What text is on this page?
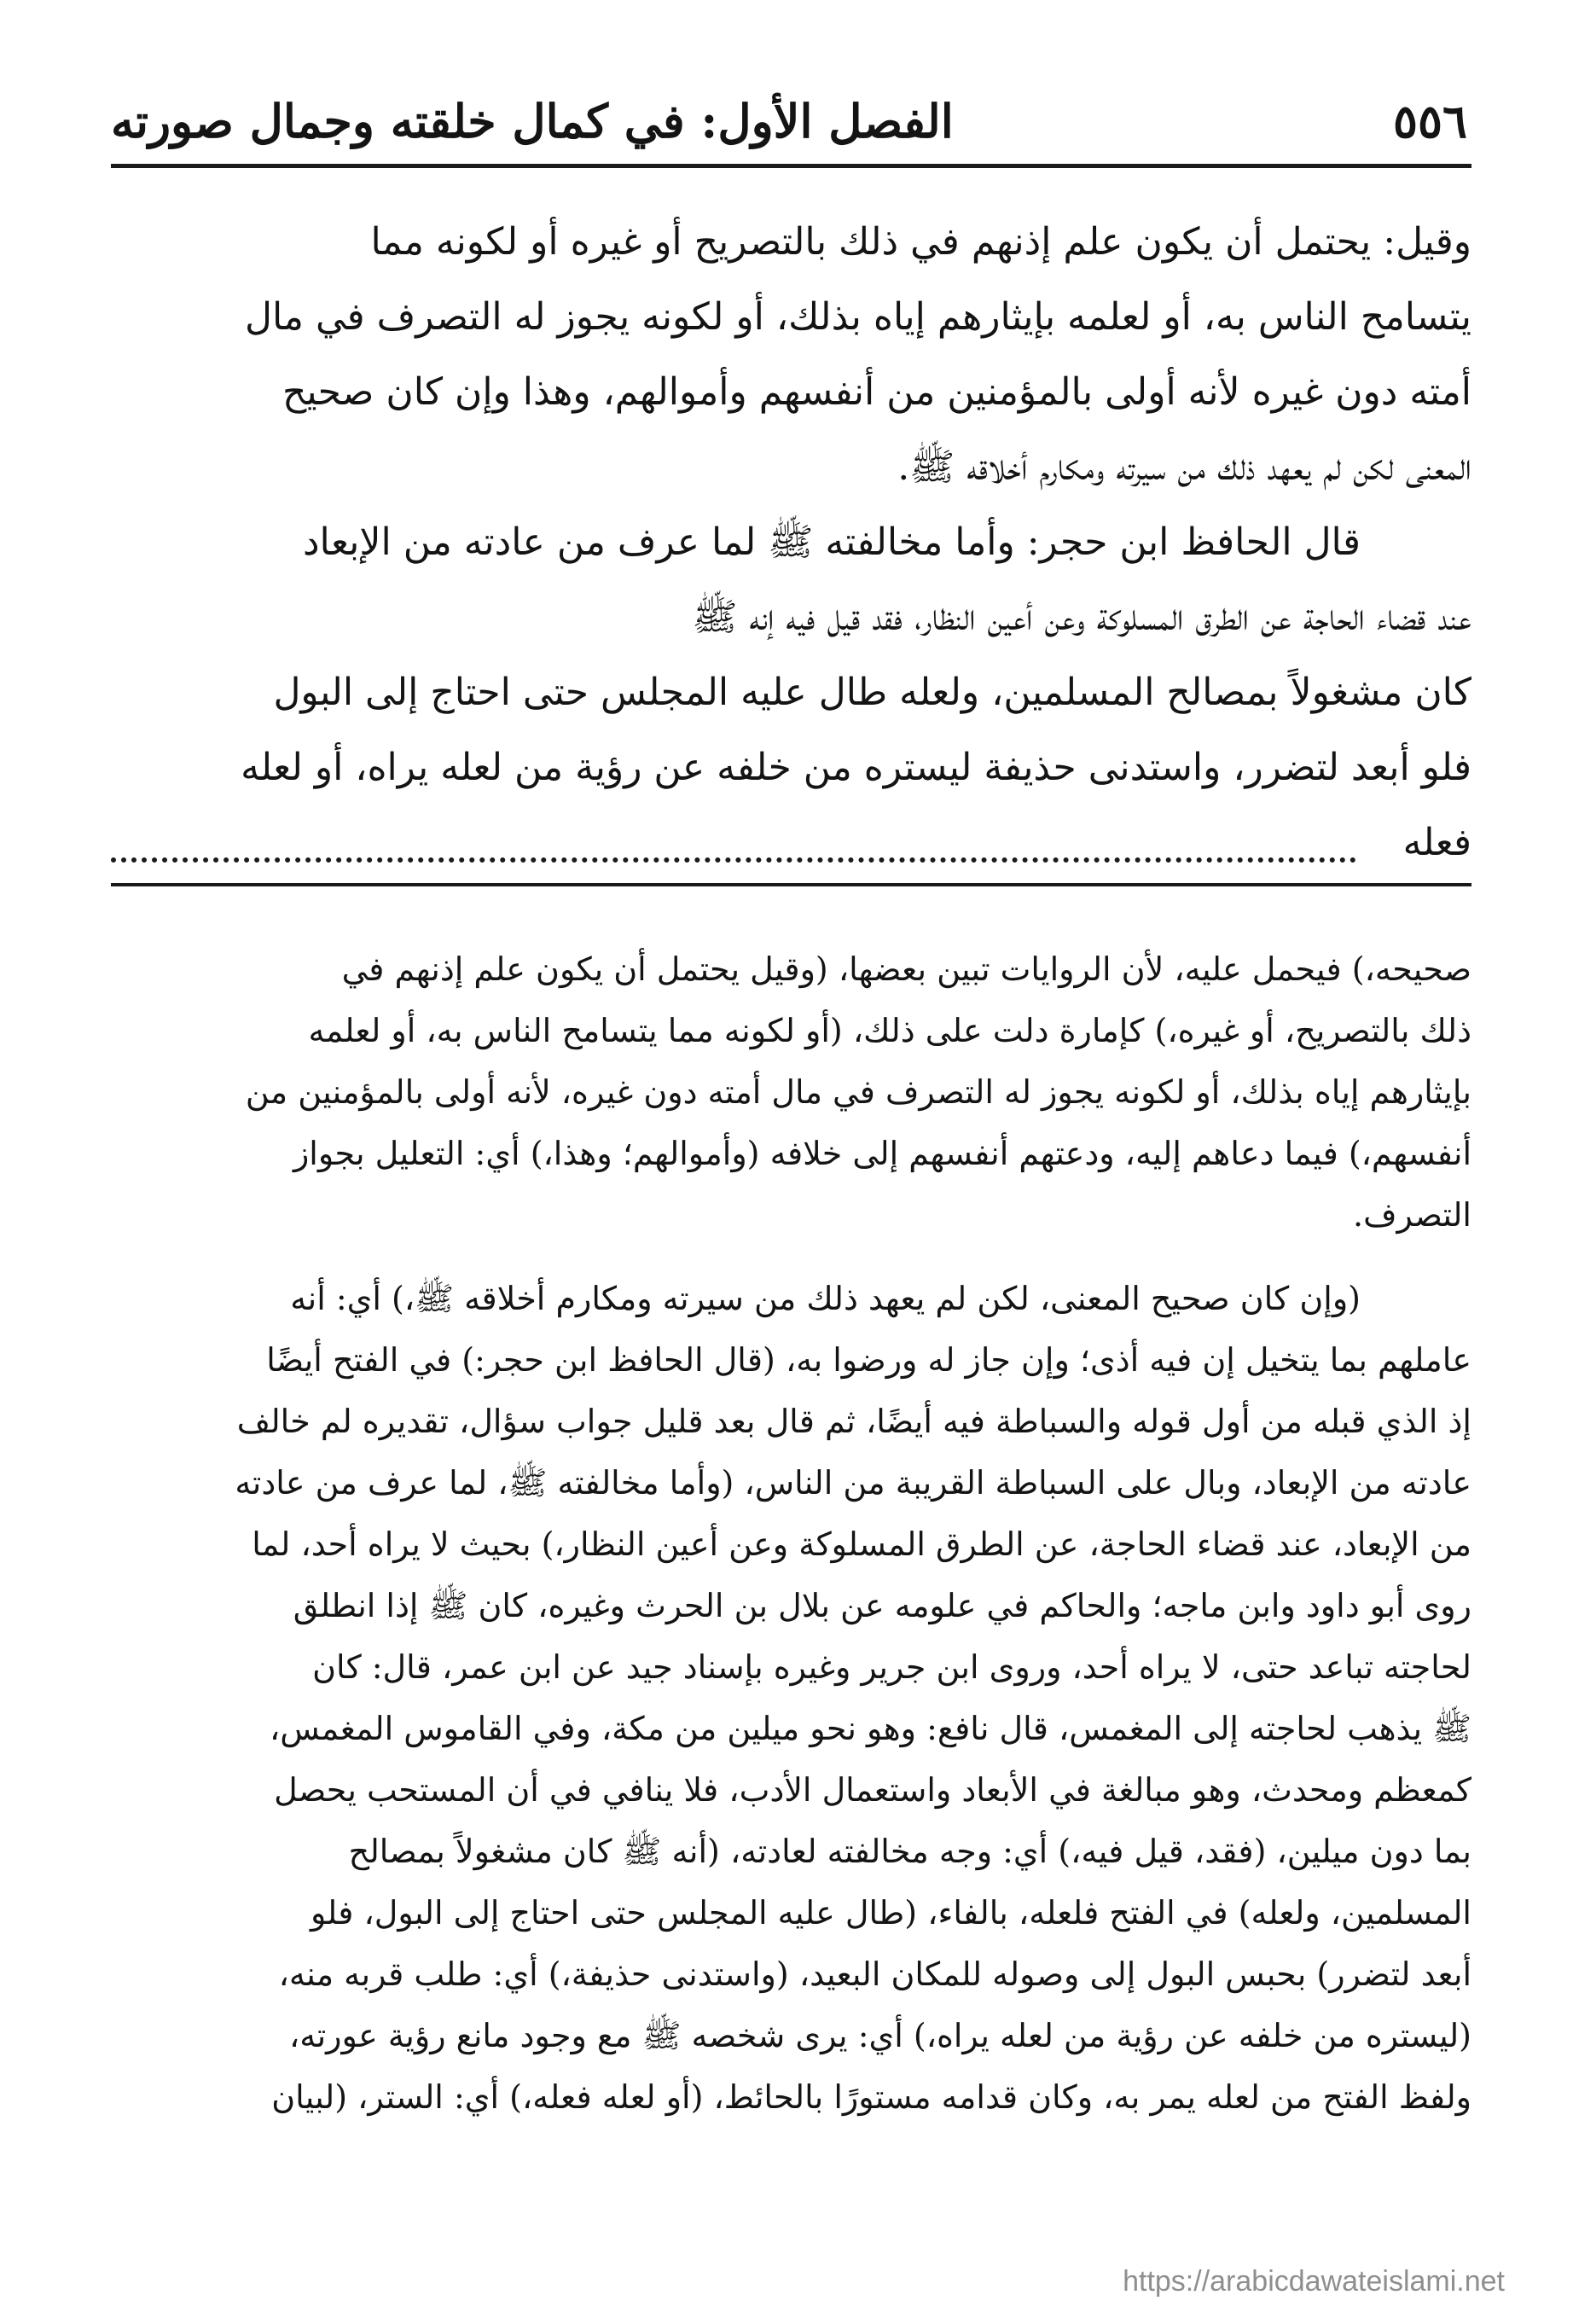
٥٥٦
الفصل الأول: في كمال خلقته وجمال صورته
وقيل: يحتمل أن يكون علم إذنهم في ذلك بالتصريح أو غيره أو لكونه مما
يتسامح الناس به، أو لعلمه بإيثارهم إياه بذلك، أو لكونه يجوز له التصرف في مال
أمته دون غيره لأنه أولى بالمؤمنين من أنفسهم وأموالهم، وهذا وإن كان صحيح
المعنى لكن لم يعهد ذلك من سيرته ومكارم أخلاقه ﷺ.
قال الحافظ ابن حجر: وأما مخالفته ﷺ لما عرف من عادته من الإبعاد
عند قضاء الحاجة عن الطرق المسلوكة وعن أعين النظار، فقد قيل فيه إنه ﷺ
كان مشغولاً بمصالح المسلمين، ولعله طال عليه المجلس حتى احتاج إلى البول
فلو أبعد لتضرر، واستدنى حذيفة ليستره من خلفه عن رؤية من لعله يراه، أو لعله
فعله
صحيحه،) فيحمل عليه، لأن الروايات تبين بعضها، (وقيل يحتمل أن يكون علم إذنهم في
ذلك بالتصريح، أو غيره،) كإمارة دلت على ذلك، (أو لكونه مما يتسامح الناس به، أو لعلمه
بإيثارهم إياه بذلك، أو لكونه يجوز له التصرف في مال أمته دون غيره، لأنه أولى بالمؤمنين من
أنفسهم،) فيما دعاهم إليه، ودعتهم أنفسهم إلى خلافه (وأموالهم؛ وهذا،) أي: التعليل بجواز
التصرف.
(وإن كان صحيح المعنى، لكن لم يعهد ذلك من سيرته ومكارم أخلاقه ﷺ،) أي: أنه
عاملهم بما يتخيل إن فيه أذى؛ وإن جاز له ورضوا به، (قال الحافظ ابن حجر:) في الفتح أيضًا
إذ الذي قبله من أول قوله والسباطة فيه أيضًا، ثم قال بعد قليل جواب سؤال، تقديره لم خالف
عادته من الإبعاد، وبال على السباطة القريبة من الناس، (وأما مخالفته ﷺ، لما عرف من عادته
من الإبعاد، عند قضاء الحاجة، عن الطرق المسلوكة وعن أعين النظار،) بحيث لا يراه أحد، لما
روى أبو داود وابن ماجه؛ والحاكم في علومه عن بلال بن الحرث وغيره، كان ﷺ إذا انطلق
لحاجته تباعد حتى، لا يراه أحد، وروى ابن جرير وغيره بإسناد جيد عن ابن عمر، قال: كان
ﷺ يذهب لحاجته إلى المغمس، قال نافع: وهو نحو ميلين من مكة، وفي القاموس المغمس،
كمعظم ومحدث، وهو مبالغة في الأبعاد واستعمال الأدب، فلا ينافي في أن المستحب يحصل
بما دون ميلين، (فقد، قيل فيه،) أي: وجه مخالفته لعادته، (أنه ﷺ كان مشغولاً بمصالح
المسلمين، ولعله) في الفتح فلعله، بالفاء، (طال عليه المجلس حتى احتاج إلى البول، فلو
أبعد لتضرر) بحبس البول إلى وصوله للمكان البعيد، (واستدنى حذيفة،) أي: طلب قربه منه،
(ليستره من خلفه عن رؤية من لعله يراه،) أي: يرى شخصه ﷺ مع وجود مانع رؤية عورته،
ولفظ الفتح من لعله يمر به، وكان قدامه مستورًا بالحائط، (أو لعله فعله،) أي: الستر، (لبيان
https://arabicdawateislami.net
